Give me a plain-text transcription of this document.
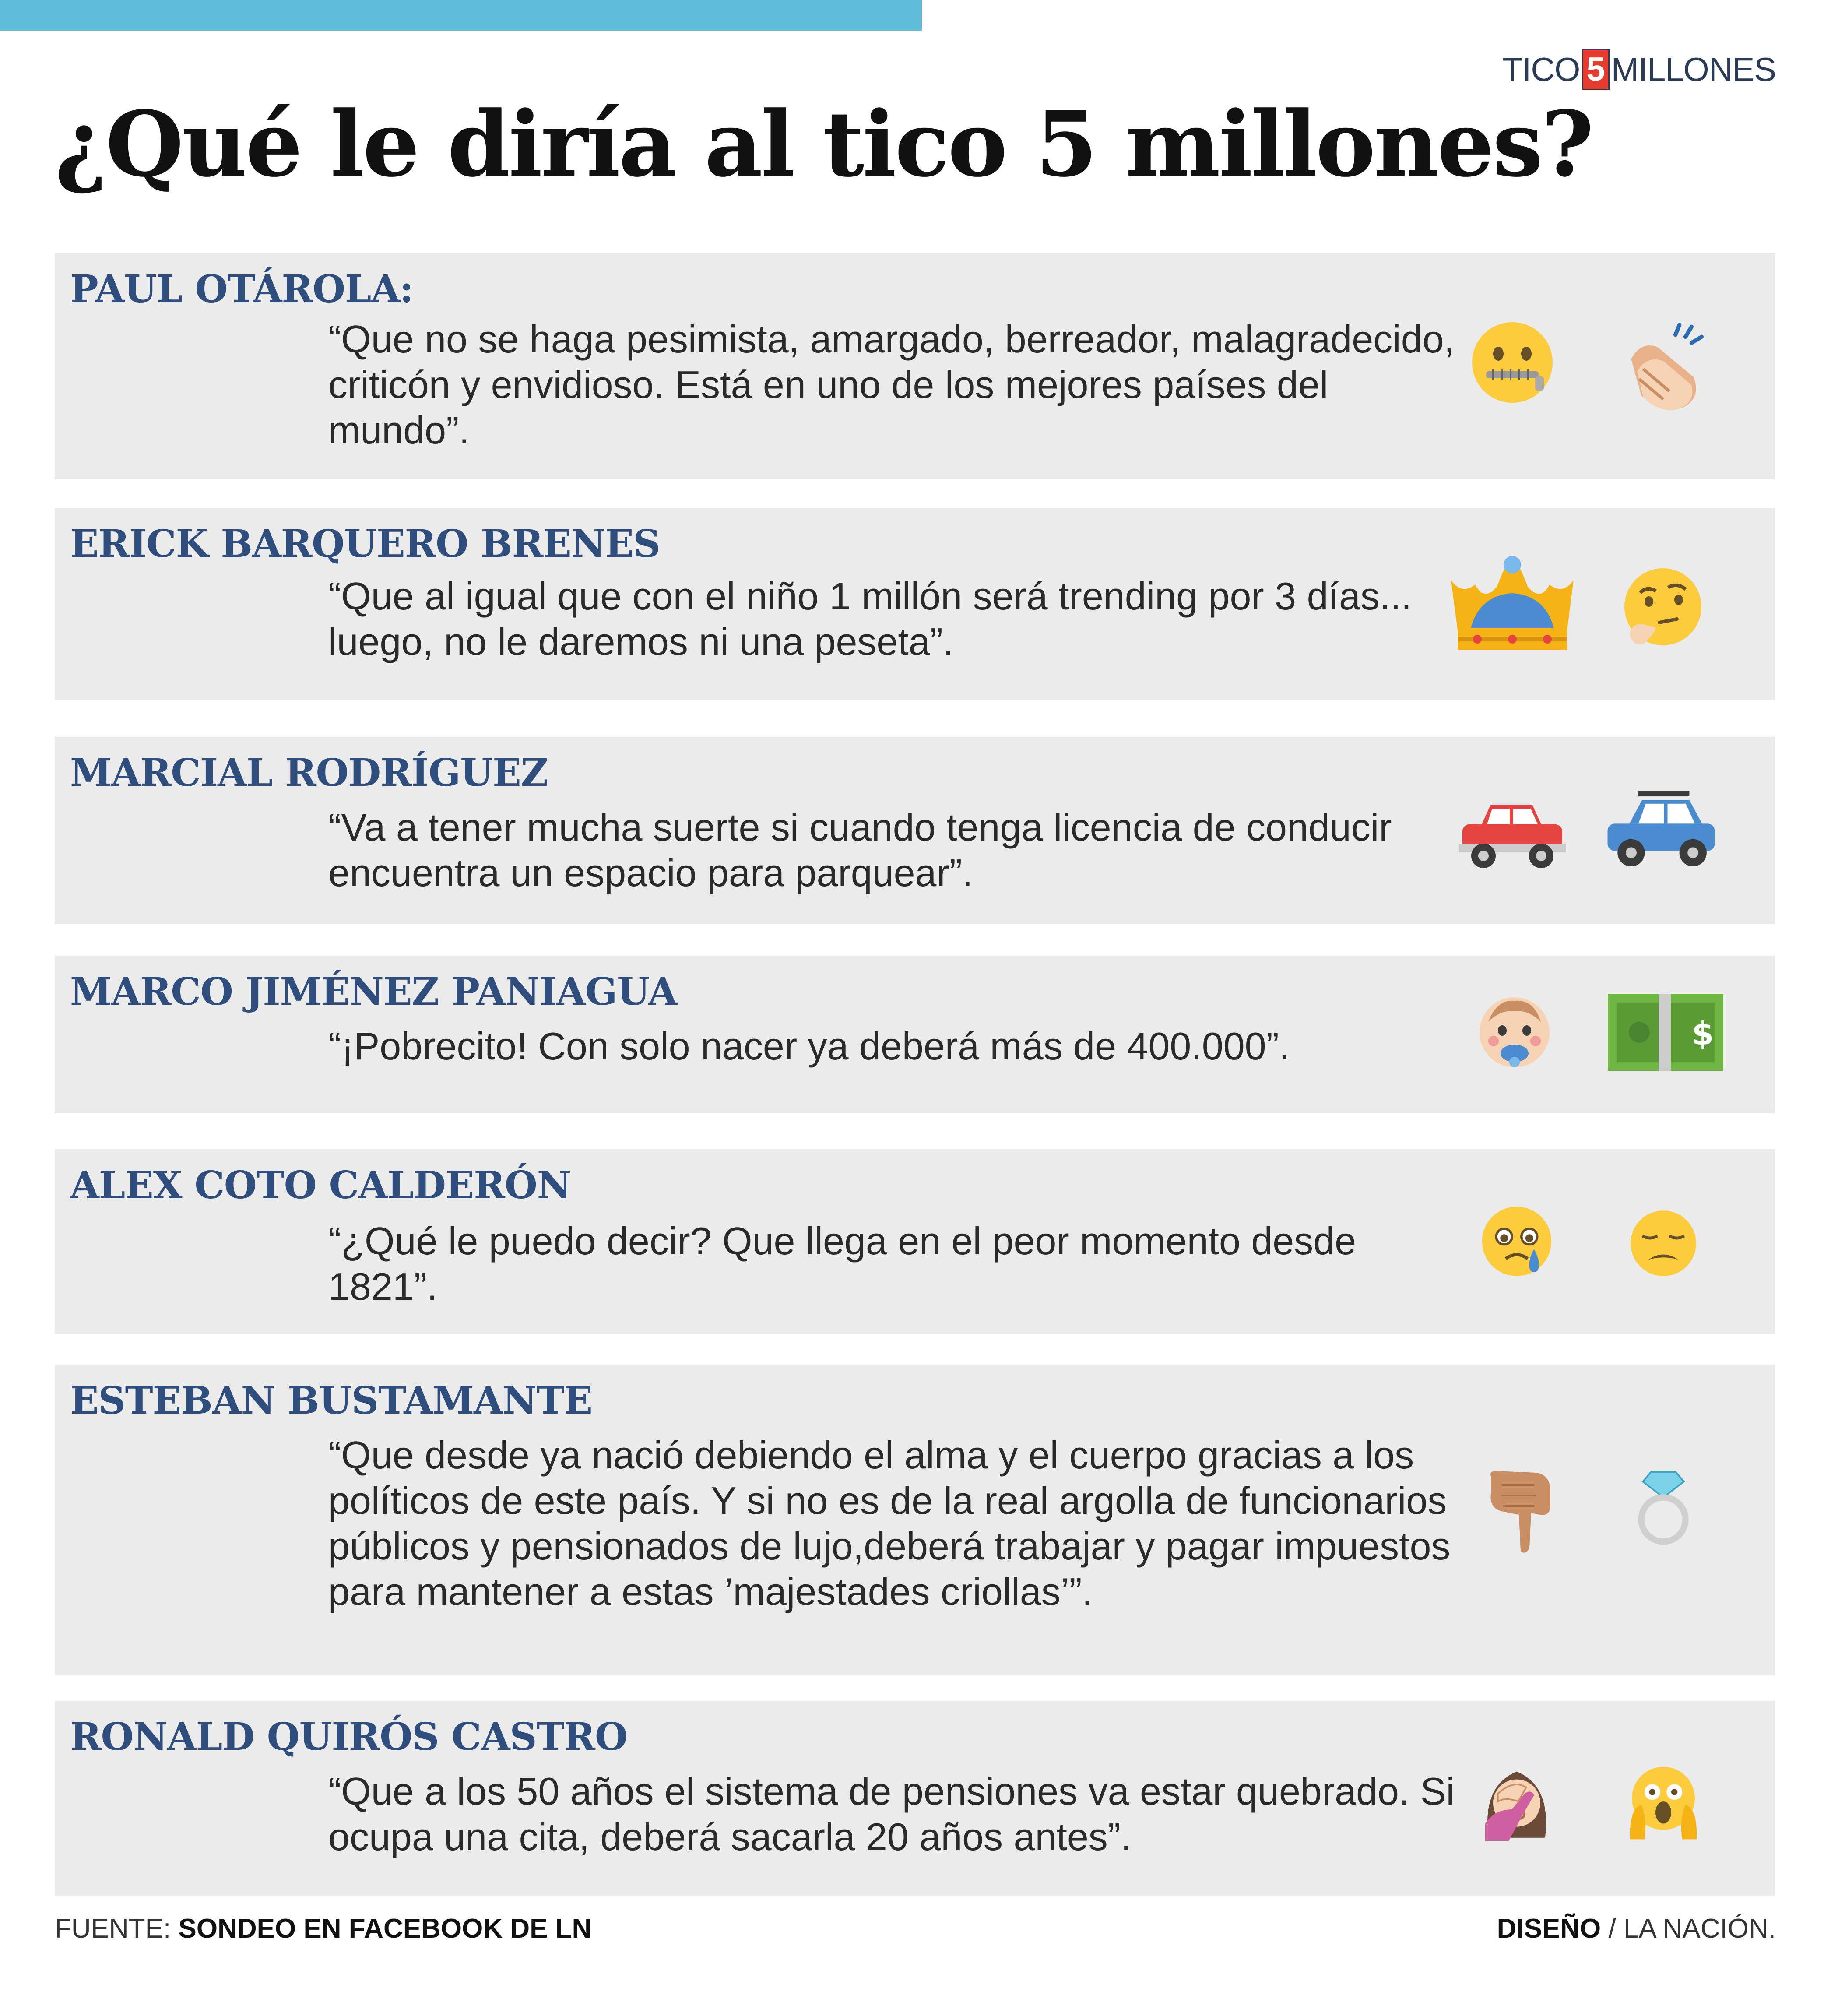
TICO 5 MILLONES
¿Qué le diría al tico 5 millones?
PAUL OTÁROLA:

“Que no se haga pesimista, amargado, berreador, malagradecido, criticón y envidioso. Está en uno de los mejores países del mundo”.

ERICK BARQUERO BRENES

“Que al igual que con el niño 1 millón será trending por 3 días... luego, no le daremos ni una peseta”.

MARCIAL RODRÍGUEZ

“Va a tener mucha suerte si cuando tenga licencia de conducir encuentra un espacio para parquear”.

MARCO JIMÉNEZ PANIAGUA

“¡Pobrecito! Con solo nacer ya deberá más de 400.000”.	$
ALEX COTO CALDERÓN

“¿Qué le puedo decir? Que llega en el peor momento desde 1821”.

ESTEBAN BUSTAMANTE

“Que desde ya nació debiendo el alma y el cuerpo gracias a los políticos de este país. Y si no es de la real argolla de funcionarios públicos y pensionados de lujo,deberá trabajar y pagar impuestos para mantener a estas ’majestades criollas’”.

RONALD QUIRÓS CASTRO

“Que a los 50 años el sistema de pensiones va estar quebrado. Si ocupa una cita, deberá sacarla 20 años antes”.

FUENTE: SONDEO EN FACEBOOK DE LN	DISEÑO / LA NACIÓN.
